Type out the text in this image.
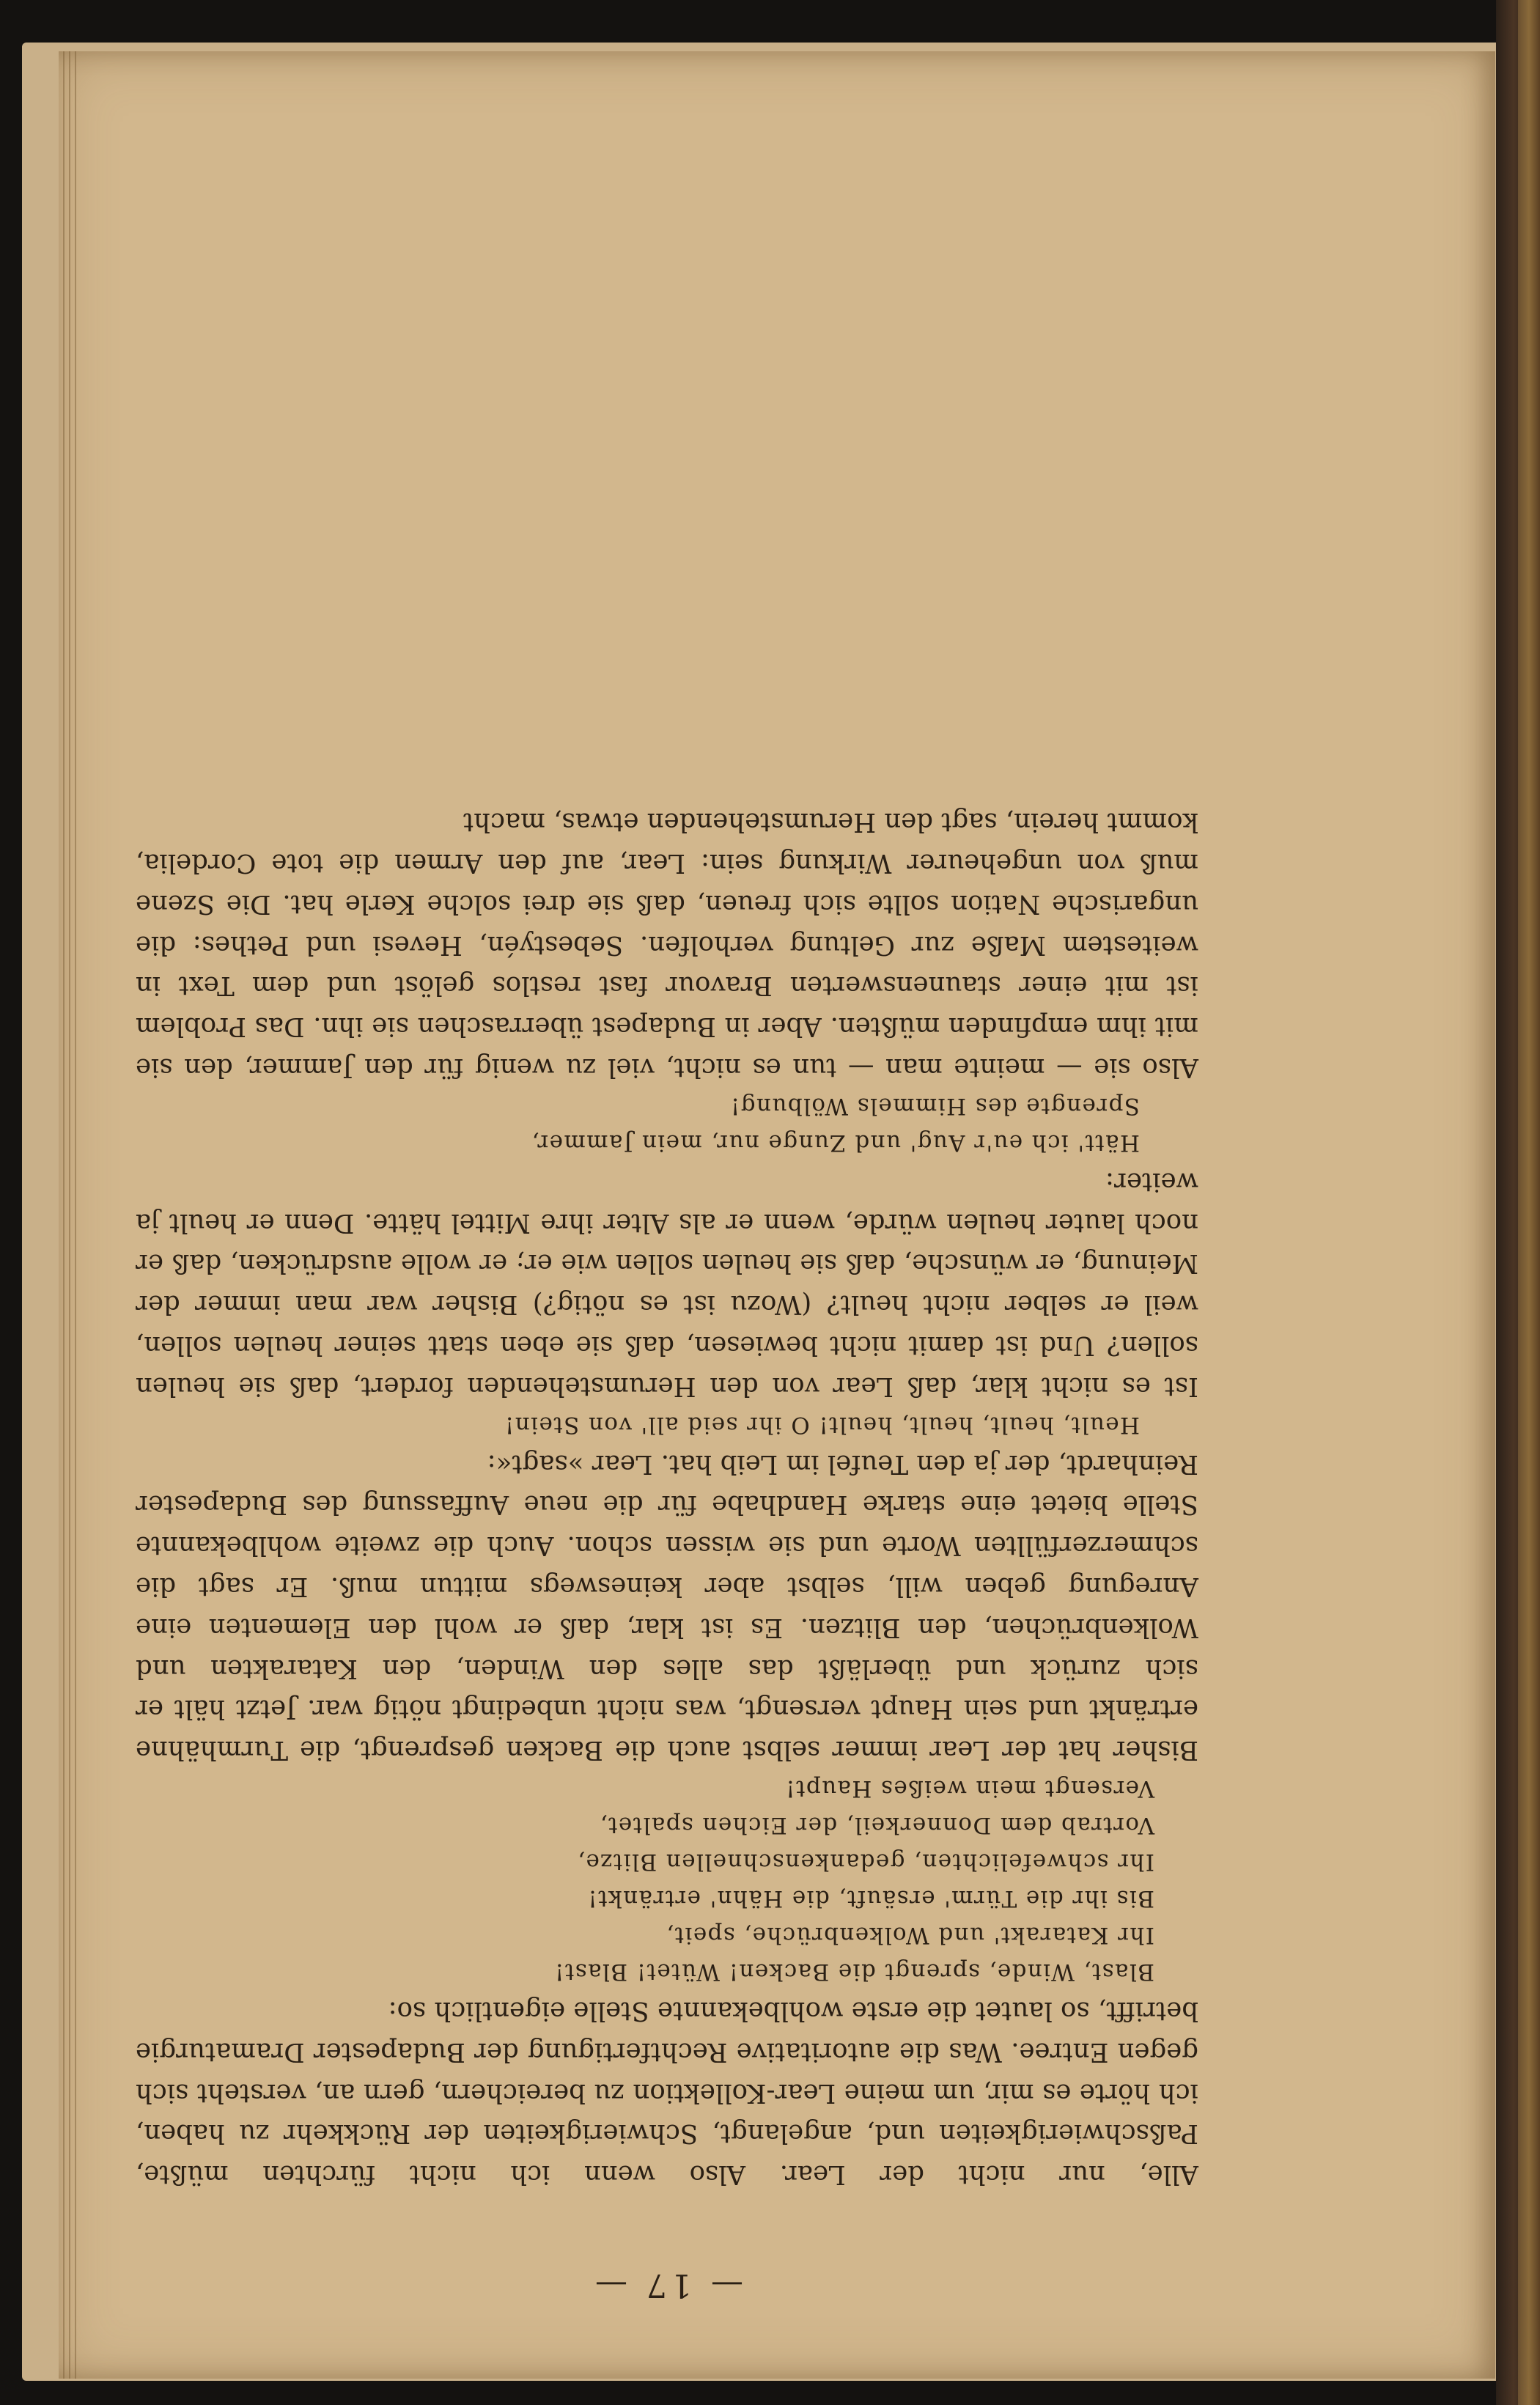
— 17 —

Alle, nur nicht der Lear. Also wenn ich nicht fürchten müßte, Paßschwierigkeiten und, angelangt, Schwierigkeiten der Rückkehr zu haben, ich hörte es mir, um meine Lear-Kollektion zu bereichern, gern an, versteht sich gegen Entree. Was die autoritative Rechtfertigung der Budapester Dramaturgie betrifft, so lautet die erste wohlbekannte Stelle eigentlich so:

Blast, Winde, sprengt die Backen! Wütet! Blast!
Ihr Katarakt' und Wolkenbrüche, speit,
Bis ihr die Türm' ersäuft, die Hähn' ertränkt!
Ihr schwefelichten, gedankenschnellen Blitze,
Vortrab dem Donnerkeil, der Eichen spaltet,
Versengt mein weißes Haupt!

Bisher hat der Lear immer selbst auch die Backen gesprengt, die Turmhähne ertränkt und sein Haupt versengt, was nicht unbedingt nötig war. Jetzt hält er sich zurück und überläßt das alles den Winden, den Katarakten und Wolkenbrüchen, den Blitzen. Es ist klar, daß er wohl den Elementen eine Anregung geben will, selbst aber keineswegs mittun muß. Er sagt die schmerzerfüllten Worte und sie wissen schon. Auch die zweite wohlbekannte Stelle bietet eine starke Handhabe für die neue Auffassung des Budapester Reinhardt, der ja den Teufel im Leib hat. Lear »sagt«:

Heult, heult, heult, heult! O ihr seid all' von Stein!

Ist es nicht klar, daß Lear von den Herumstehenden fordert, daß sie heulen sollen? Und ist damit nicht bewiesen, daß sie eben statt seiner heulen sollen, weil er selber nicht heult? (Wozu ist es nötig?) Bisher war man immer der Meinung, er wünsche, daß sie heulen sollen wie er; er wolle ausdrücken, daß er noch lauter heulen würde, wenn er als Alter ihre Mittel hätte. Denn er heult ja weiter:

Hätt' ich eu'r Aug' und Zunge nur, mein Jammer,
Sprengte des Himmels Wölbung!

Also sie — meinte man — tun es nicht, viel zu wenig für den Jammer, den sie mit ihm empfinden müßten. Aber in Budapest überraschen sie ihn. Das Problem ist mit einer staunenswerten Bravour fast restlos gelöst und dem Text in weitestem Maße zur Geltung verholfen. Sebestyén, Hevesi und Pethes: die ungarische Nation sollte sich freuen, daß sie drei solche Kerle hat. Die Szene muß von ungeheurer Wirkung sein: Lear, auf den Armen die tote Cordelia, kommt herein, sagt den Herumstehenden etwas, macht
